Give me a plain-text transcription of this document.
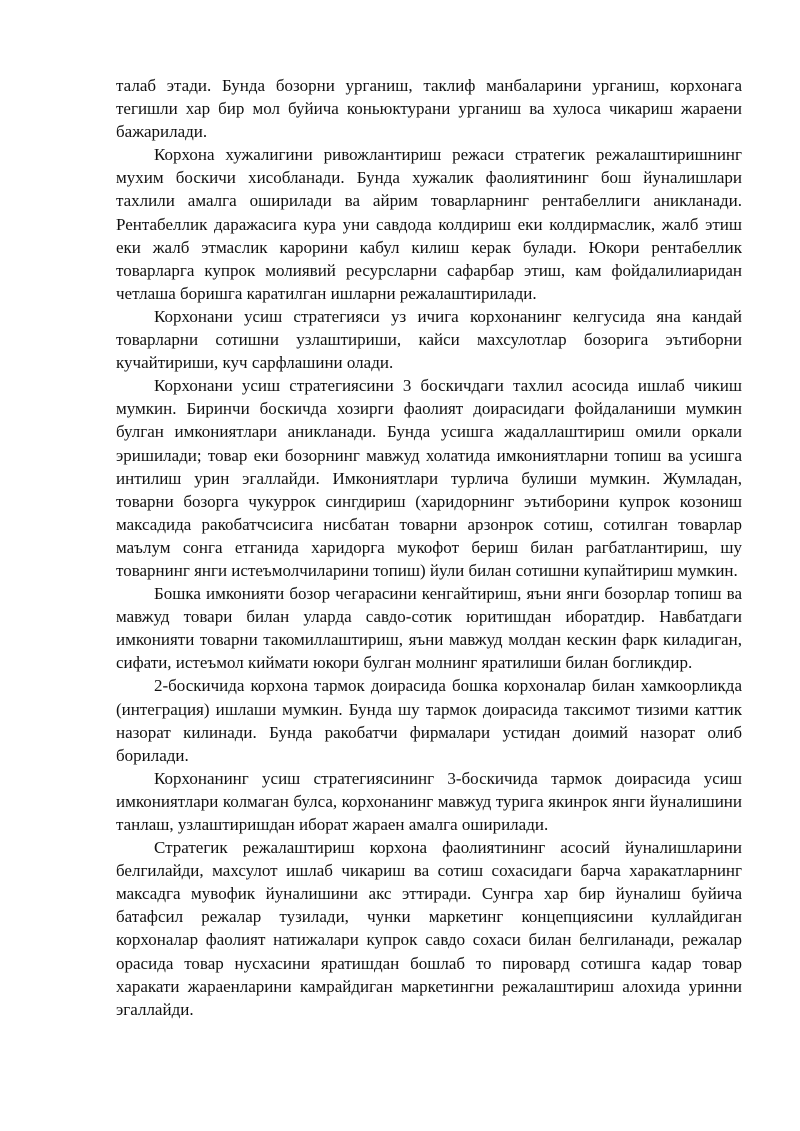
талаб этади. Бунда бозорни урганиш, таклиф манбаларини урганиш, корхонага тегишли хар бир мол буйича коньюктурани урганиш ва хулоса чикариш жараени бажарилади.

Корхона хужалигини ривожлантириш режаси стратегик режалаштиришнинг мухим боскичи хисобланади. Бунда хужалик фаолиятининг бош йуналишлари тахлили амалга оширилади ва айрим товарларнинг рентабеллиги аникланади. Рентабеллик даражасига кура уни савдода колдириш еки колдирмаслик, жалб этиш еки жалб этмаслик карорини кабул килиш керак булади. Юкори рентабеллик товарларга купрок молиявий ресурсларни сафарбар этиш, кам фойдалилиаридан четлаша боришга каратилган ишларни режалаштирилади.

Корхонани усиш стратегияси уз ичига корхонанинг келгусида яна кандай товарларни сотишни узлаштириши, кайси махсулотлар бозорига эътиборни кучайтириши, куч сарфлашини олади.

Корхонани усиш стратегиясини 3 боскичдаги тахлил асосида ишлаб чикиш мумкин. Биринчи боскичда хозирги фаолият доирасидаги фойдаланиши мумкин булган имкониятлари аникланади. Бунда усишга жадаллаштириш омили оркали эришилади; товар еки бозорнинг мавжуд холатида имкониятларни топиш ва усишга интилиш урин эгаллайди. Имкониятлари турлича булиши мумкин. Жумладан, товарни бозорга чукуррок сингдириш (харидорнинг эътиборини купрок козониш максадида ракобатчсисига нисбатан товарни арзонрок сотиш, сотилган товарлар маълум сонга етганида харидорга мукофот бериш билан рагбатлантириш, шу товарнинг янги истеъмолчиларини топиш) йули билан сотишни купайтириш мумкин.

Бошка имконияти бозор чегарасини кенгайтириш, яъни янги бозорлар топиш ва мавжуд товари билан уларда савдо-сотик юритишдан иборатдир. Навбатдаги имконияти товарни такомиллаштириш, яъни мавжуд молдан кескин фарк киладиган, сифати, истеъмол киймати юкори булган молнинг яратилиши билан богликдир.

2-боскичида корхона тармок доирасида бошка корхоналар билан хамкоорликда (интеграция) ишлаши мумкин. Бунда шу тармок доирасида таксимот тизими каттик назорат килинади. Бунда ракобатчи фирмалари устидан доимий назорат олиб борилади.

Корхонанинг усиш стратегиясининг 3-боскичида тармок доирасида усиш имкониятлари колмаган булса, корхонанинг мавжуд турига якинрок янги йуналишини танлаш, узлаштиришдан иборат жараен амалга оширилади.

Стратегик режалаштириш корхона фаолиятининг асосий йуналишларини белгилайди, махсулот ишлаб чикариш ва сотиш сохасидаги барча харакатларнинг максадга мувофик йуналишини акс эттиради. Сунгра хар бир йуналиш буйича батафсил режалар тузилади, чунки маркетинг концепциясини куллайдиган корхоналар фаолият натижалари купрок савдо сохаси билан белгиланади, режалар орасида товар нусхасини яратишдан бошлаб то пировард сотишга кадар товар харакати жараенларини камрайдиган маркетингни режалаштириш алохида уринни эгаллайди.
